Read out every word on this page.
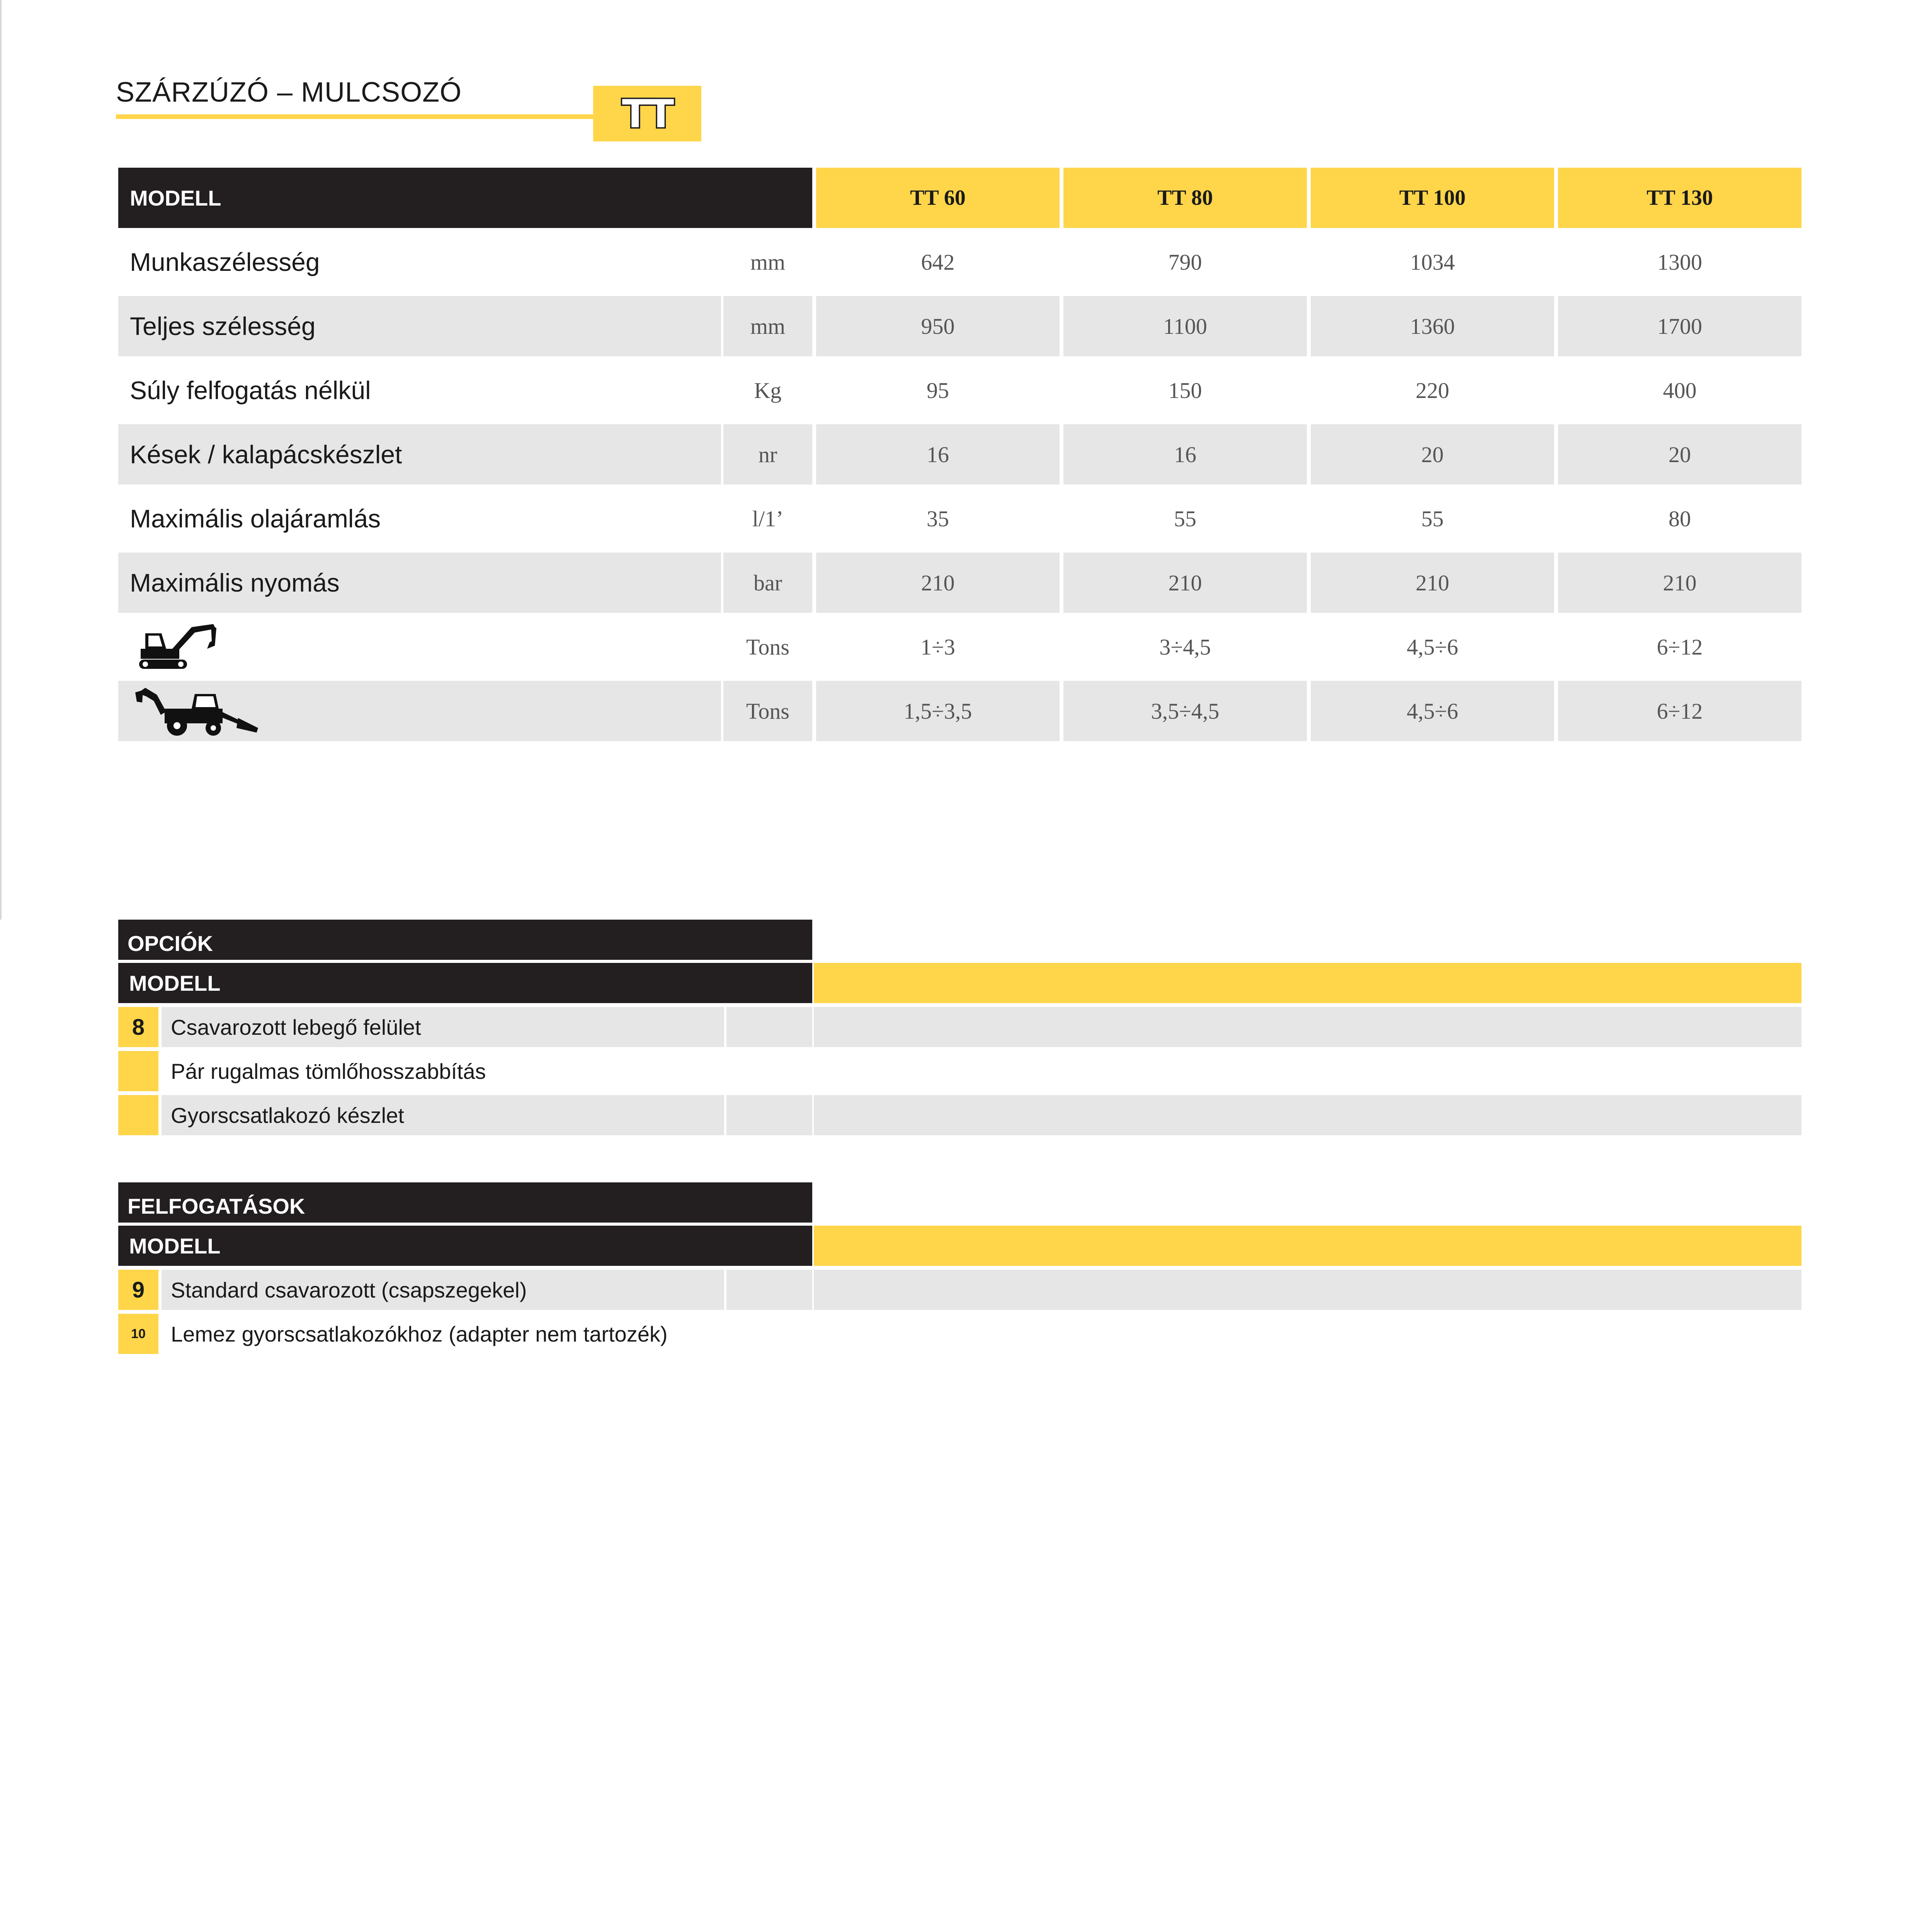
SZÁRZÚZÓ – MULCSOZÓ	TT
MODELL	TT 60	TT 80	TT 100	TT 130
Munkaszélesség	mm	642	790	1034	1300
Teljes szélesség	mm	950	1100	1360	1700
Súly felfogatás nélkül	Kg	95	150	220	400
Kések / kalapácskészlet	nr	16	16	20	20
Maximális olajáramlás	l/1’	35	55	55	80
Maximális nyomás	bar	210	210	210	210
Tons	1÷3	3÷4,5	4,5÷6	6÷12
Tons	1,5÷3,5	3,5÷4,5	4,5÷6	6÷12
OPCIÓK
MODELL
8	Csavarozott lebegő felület
Pár rugalmas tömlőhosszabbítás
Gyorscsatlakozó készlet
FELFOGATÁSOK
MODELL
9	Standard csavarozott (csapszegekel)
10	Lemez gyorscsatlakozókhoz (adapter nem tartozék)
